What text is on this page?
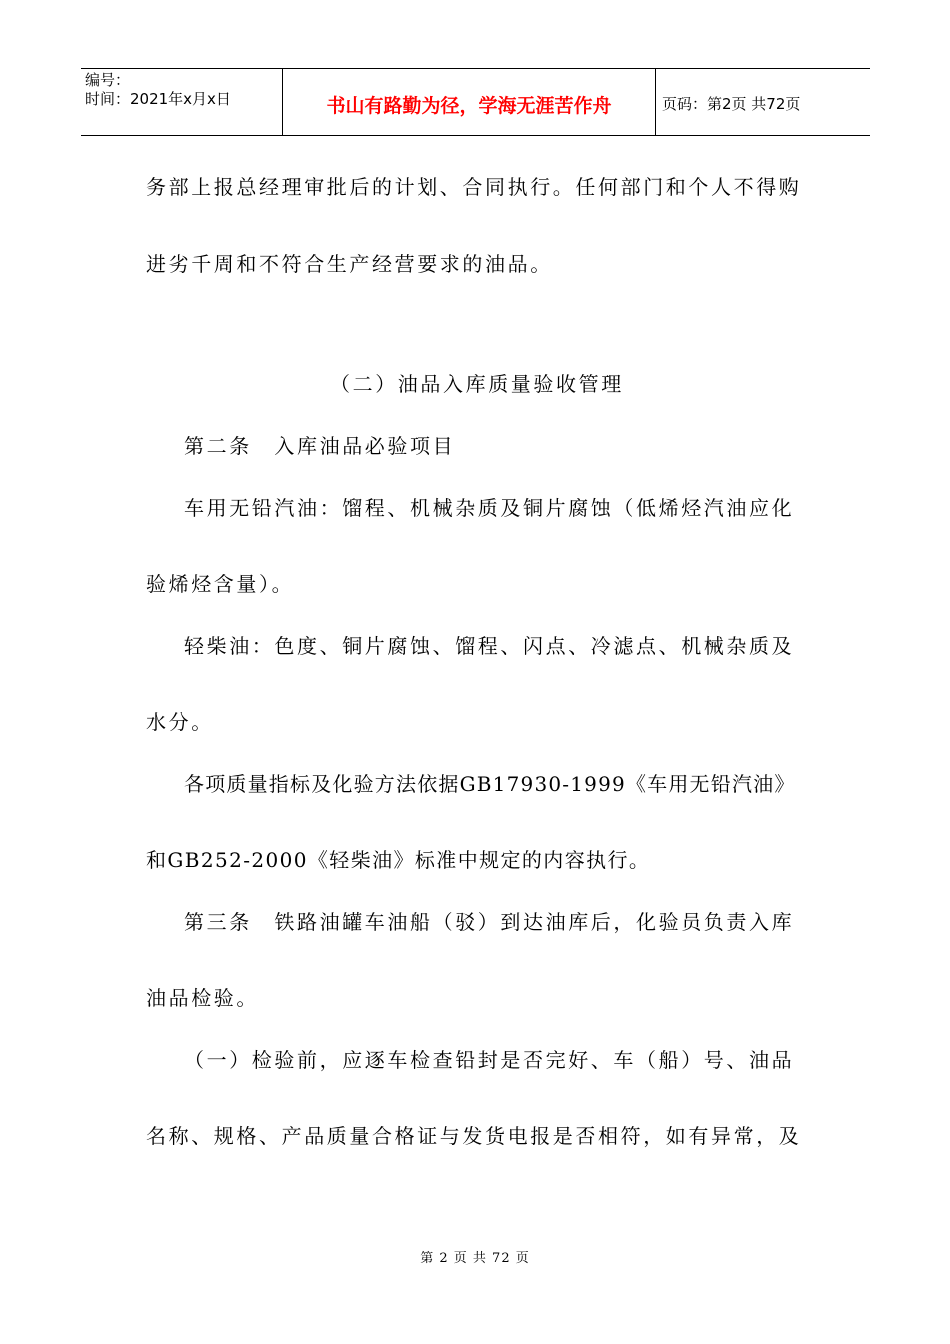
编号：
时间：2021年x月x日	书山有路勤为径，学海无涯苦作舟	页码：第2页 共72页
务部上报总经理审批后的计划、合同执行。任何部门和个人不得购
进劣千周和不符合生产经营要求的油品。
（二）油品入库质量验收管理
第二条　入库油品必验项目
车用无铅汽油：馏程、机械杂质及铜片腐蚀（低烯烃汽油应化
验烯烃含量）。
轻柴油：色度、铜片腐蚀、馏程、闪点、冷滤点、机械杂质及
水分。
各项质量指标及化验方法依据GB17930-1999《车用无铅汽油》
和GB252-2000《轻柴油》标准中规定的内容执行。
第三条　铁路油罐车油船（驳）到达油库后，化验员负责入库
油品检验。
（一）检验前，应逐车检查铅封是否完好、车（船）号、油品
名称、规格、产品质量合格证与发货电报是否相符，如有异常，及
第 2 页 共 72 页
